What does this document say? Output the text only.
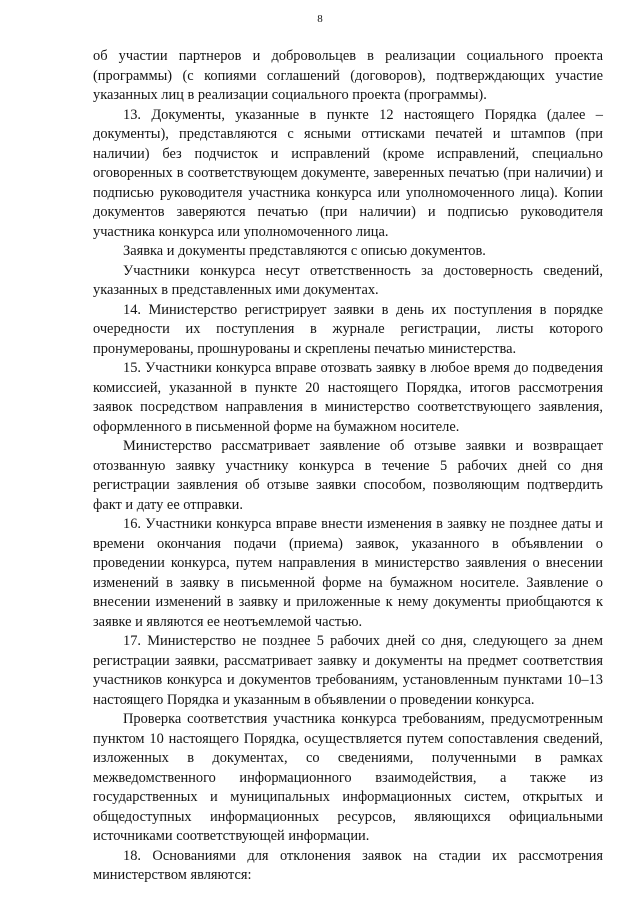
8

об участии партнеров и добровольцев в реализации социального проекта (программы) (с копиями соглашений (договоров), подтверждающих участие указанных лиц в реализации социального проекта (программы).

13. Документы, указанные в пункте 12 настоящего Порядка (далее – документы), представляются с ясными оттисками печатей и штампов (при наличии) без подчисток и исправлений (кроме исправлений, специально оговоренных в соответствующем документе, заверенных печатью (при наличии) и подписью руководителя участника конкурса или уполномоченного лица). Копии документов заверяются печатью (при наличии) и подписью руководителя участника конкурса или уполномоченного лица.

Заявка и документы представляются с описью документов.

Участники конкурса несут ответственность за достоверность сведений, указанных в представленных ими документах.

14. Министерство регистрирует заявки в день их поступления в порядке очередности их поступления в журнале регистрации, листы которого пронумерованы, прошнурованы и скреплены печатью министерства.

15. Участники конкурса вправе отозвать заявку в любое время до подведения комиссией, указанной в пункте 20 настоящего Порядка, итогов рассмотрения заявок посредством направления в министерство соответствующего заявления, оформленного в письменной форме на бумажном носителе.

Министерство рассматривает заявление об отзыве заявки и возвращает отозванную заявку участнику конкурса в течение 5 рабочих дней со дня регистрации заявления об отзыве заявки способом, позволяющим подтвердить факт и дату ее отправки.

16. Участники конкурса вправе внести изменения в заявку не позднее даты и времени окончания подачи (приема) заявок, указанного в объявлении о проведении конкурса, путем направления в министерство заявления о внесении изменений в заявку в письменной форме на бумажном носителе. Заявление о внесении изменений в заявку и приложенные к нему документы приобщаются к заявке и являются ее неотъемлемой частью.

17. Министерство не позднее 5 рабочих дней со дня, следующего за днем регистрации заявки, рассматривает заявку и документы на предмет соответствия участников конкурса и документов требованиям, установленным пунктами 10–13 настоящего Порядка и указанным в объявлении о проведении конкурса.

Проверка соответствия участника конкурса требованиям, предусмотренным пунктом 10 настоящего Порядка, осуществляется путем сопоставления сведений, изложенных в документах, со сведениями, полученными в рамках межведомственного информационного взаимодействия, а также из государственных и муниципальных информационных систем, открытых и общедоступных информационных ресурсов, являющихся официальными источниками соответствующей информации.

18. Основаниями для отклонения заявок на стадии их рассмотрения министерством являются:
